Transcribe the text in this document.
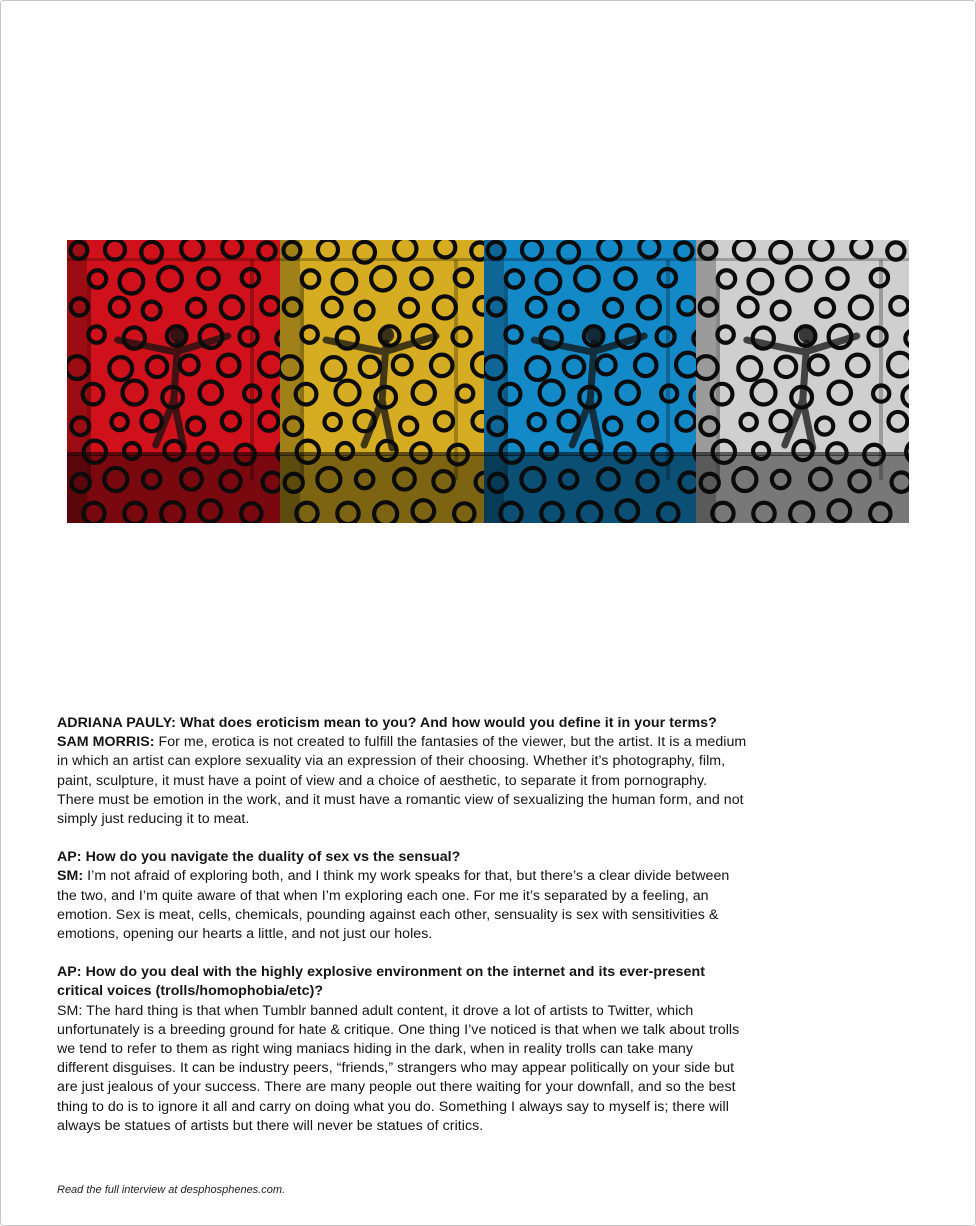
ADRIANA PAULY: What does eroticism mean to you? And how would you define it in your terms?
SAM MORRIS: For me, erotica is not created to fulfill the fantasies of the viewer, but the artist. It is a medium in which an artist can explore sexuality via an expression of their choosing. Whether it’s photography, film, paint, sculpture, it must have a point of view and a choice of aesthetic, to separate it from pornography. There must be emotion in the work, and it must have a romantic view of sexualizing the human form, and not simply just reducing it to meat.

AP: How do you navigate the duality of sex vs the sensual?
SM: I’m not afraid of exploring both, and I think my work speaks for that, but there’s a clear divide between the two, and I’m quite aware of that when I’m exploring each one. For me it’s separated by a feeling, an emotion. Sex is meat, cells, chemicals, pounding against each other, sensuality is sex with sensitivities & emotions, opening our hearts a little, and not just our holes.

AP: How do you deal with the highly explosive environment on the internet and its ever-present critical voices (trolls/homophobia/etc)?
SM: The hard thing is that when Tumblr banned adult content, it drove a lot of artists to Twitter, which unfortunately is a breeding ground for hate & critique. One thing I’ve noticed is that when we talk about trolls we tend to refer to them as right wing maniacs hiding in the dark, when in reality trolls can take many different disguises. It can be industry peers, “friends,” strangers who may appear politically on your side but are just jealous of your success. There are many people out there waiting for your downfall, and so the best thing to do is to ignore it all and carry on doing what you do. Something I always say to myself is; there will always be statues of artists but there will never be statues of critics.

Read the full interview at desphosphenes.com.
